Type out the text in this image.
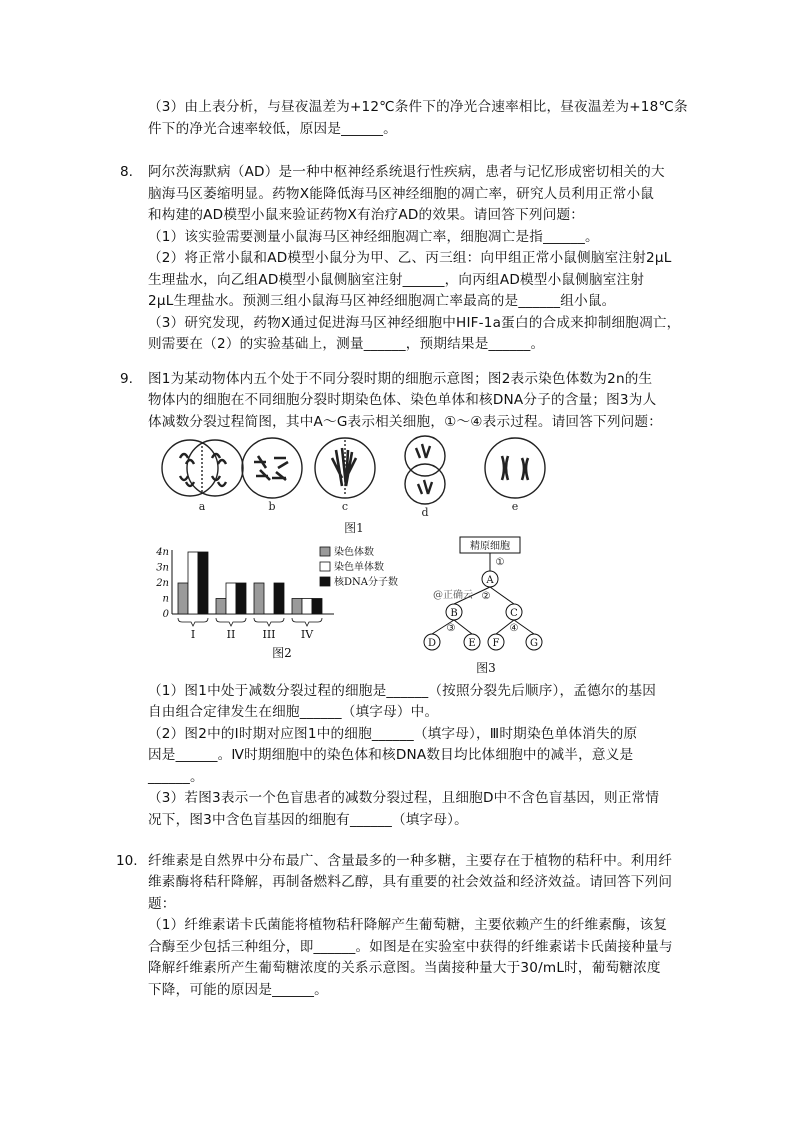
（3）由上表分析，与昼夜温差为+12℃条件下的净光合速率相比，昼夜温差为+18℃条
件下的净光合速率较低，原因是______。
8. 阿尔茨海默病（AD）是一种中枢神经系统退行性疾病，患者与记忆形成密切相关的大
脑海马区萎缩明显。药物X能降低海马区神经细胞的凋亡率，研究人员利用正常小鼠
和构建的AD模型小鼠来验证药物X有治疗AD的效果。请回答下列问题：
（1）该实验需要测量小鼠海马区神经细胞凋亡率，细胞凋亡是指______。
（2）将正常小鼠和AD模型小鼠分为甲、乙、丙三组：向甲组正常小鼠侧脑室注射2μL
生理盐水，向乙组AD模型小鼠侧脑室注射______，向丙组AD模型小鼠侧脑室注射
2μL生理盐水。预测三组小鼠海马区神经细胞凋亡率最高的是______组小鼠。
（3）研究发现，药物X通过促进海马区神经细胞中HIF-1a蛋白的合成来抑制细胞凋亡，
则需要在（2）的实验基础上，测量______，预期结果是______。
9. 图1为某动物体内五个处于不同分裂时期的细胞示意图；图2表示染色体数为2n的生
物体内的细胞在不同细胞分裂时期染色体、染色单体和核DNA分子的含量；图3为人
体减数分裂过程简图，其中A～G表示相关细胞，①～④表示过程。请回答下列问题：
a	b	c	d	e
图1
4n
3n
2n
n
0
I	II III IV
染色体数
染色单体数
核DNA分子数
图2
精原细胞
A
B	C
D	E F	G
①
②
③	④
@正确云
图3
（1）图1中处于减数分裂过程的细胞是______（按照分裂先后顺序），孟德尔的基因
自由组合定律发生在细胞______（填字母）中。
（2）图2中的Ⅰ时期对应图1中的细胞______（填字母），Ⅲ时期染色单体消失的原
因是______。Ⅳ时期细胞中的染色体和核DNA数目均比体细胞中的减半，意义是
______。
（3）若图3表示一个色盲患者的减数分裂过程，且细胞D中不含色盲基因，则正常情
况下，图3中含色盲基因的细胞有______（填字母）。
10. 纤维素是自然界中分布最广、含量最多的一种多糖，主要存在于植物的秸秆中。利用纤
维素酶将秸秆降解，再制备燃料乙醇，具有重要的社会效益和经济效益。请回答下列问
题：
（1）纤维素诺卡氏菌能将植物秸秆降解产生葡萄糖，主要依赖产生的纤维素酶，该复
合酶至少包括三种组分，即______。如图是在实验室中获得的纤维素诺卡氏菌接种量与
降解纤维素所产生葡萄糖浓度的关系示意图。当菌接种量大于30/mL时，葡萄糖浓度
下降，可能的原因是______。
